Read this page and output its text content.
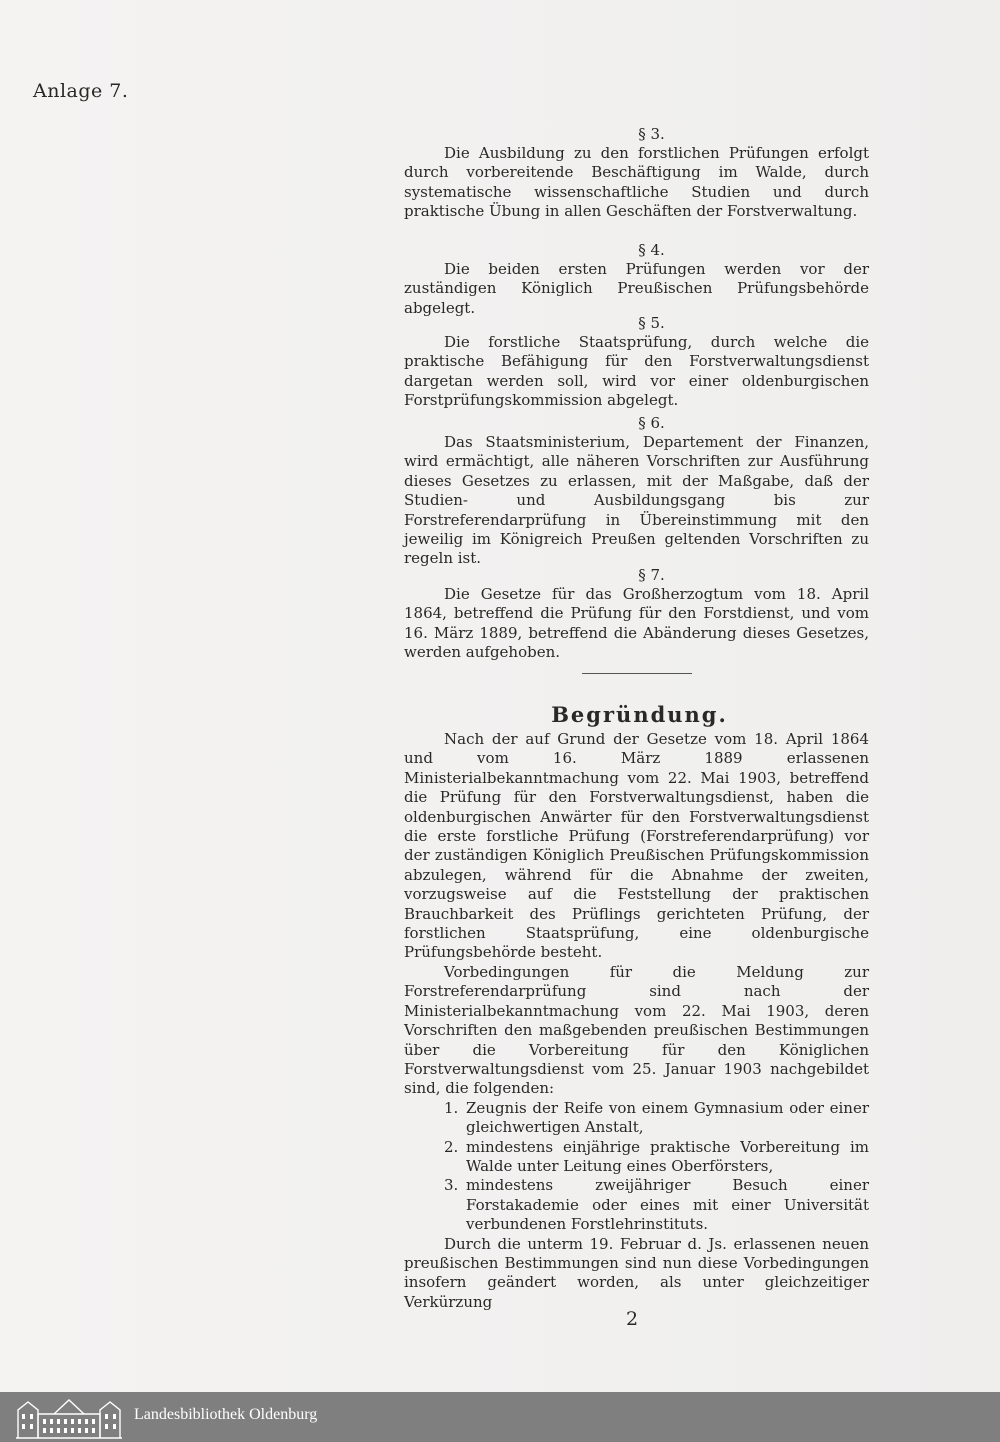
Anlage 7.
§ 3.

Die Ausbildung zu den forstlichen Prüfungen erfolgt durch vorbereitende Beschäftigung im Walde, durch systematische wissenschaftliche Studien und durch praktische Übung in allen Geschäften der Forstverwaltung.

§ 4.

Die beiden ersten Prüfungen werden vor der zuständigen Königlich Preußischen Prüfungsbehörde abgelegt.

§ 5.

Die forstliche Staatsprüfung, durch welche die praktische Befähigung für den Forstverwaltungsdienst dargetan werden soll, wird vor einer oldenburgischen Forstprüfungskommission abgelegt.

§ 6.

Das Staatsministerium, Departement der Finanzen, wird ermächtigt, alle näheren Vorschriften zur Ausführung dieses Gesetzes zu erlassen, mit der Maßgabe, daß der Studien- und Ausbildungsgang bis zur Forstreferendarprüfung in Übereinstimmung mit den jeweilig im Königreich Preußen geltenden Vorschriften zu regeln ist.

§ 7.

Die Gesetze für das Großherzogtum vom 18. April 1864, betreffend die Prüfung für den Forstdienst, und vom 16. März 1889, betreffend die Abänderung dieses Gesetzes, werden aufgehoben.

Begründung.

Nach der auf Grund der Gesetze vom 18. April 1864 und vom 16. März 1889 erlassenen Ministerialbekanntmachung vom 22. Mai 1903, betreffend die Prüfung für den Forstverwaltungsdienst, haben die oldenburgischen Anwärter für den Forstverwaltungsdienst die erste forstliche Prüfung (Forstreferendarprüfung) vor der zuständigen Königlich Preußischen Prüfungskommission abzulegen, während für die Abnahme der zweiten, vorzugsweise auf die Feststellung der praktischen Brauchbarkeit des Prüflings gerichteten Prüfung, der forstlichen Staatsprüfung, eine oldenburgische Prüfungsbehörde besteht.

Vorbedingungen für die Meldung zur Forstreferendarprüfung sind nach der Ministerialbekanntmachung vom 22. Mai 1903, deren Vorschriften den maßgebenden preußischen Bestimmungen über die Vorbereitung für den Königlichen Forstverwaltungsdienst vom 25. Januar 1903 nachgebildet sind, die folgenden:

1. Zeugnis der Reife von einem Gymnasium oder einer gleichwertigen Anstalt,
2. mindestens einjährige praktische Vorbereitung im Walde unter Leitung eines Oberförsters,
3. mindestens zweijähriger Besuch einer Forstakademie oder eines mit einer Universität verbundenen Forstlehrinstituts.

Durch die unterm 19. Februar d. Js. erlassenen neuen preußischen Bestimmungen sind nun diese Vorbedingungen insofern geändert worden, als unter gleichzeitiger Verkürzung

2
Landesbibliothek Oldenburg
